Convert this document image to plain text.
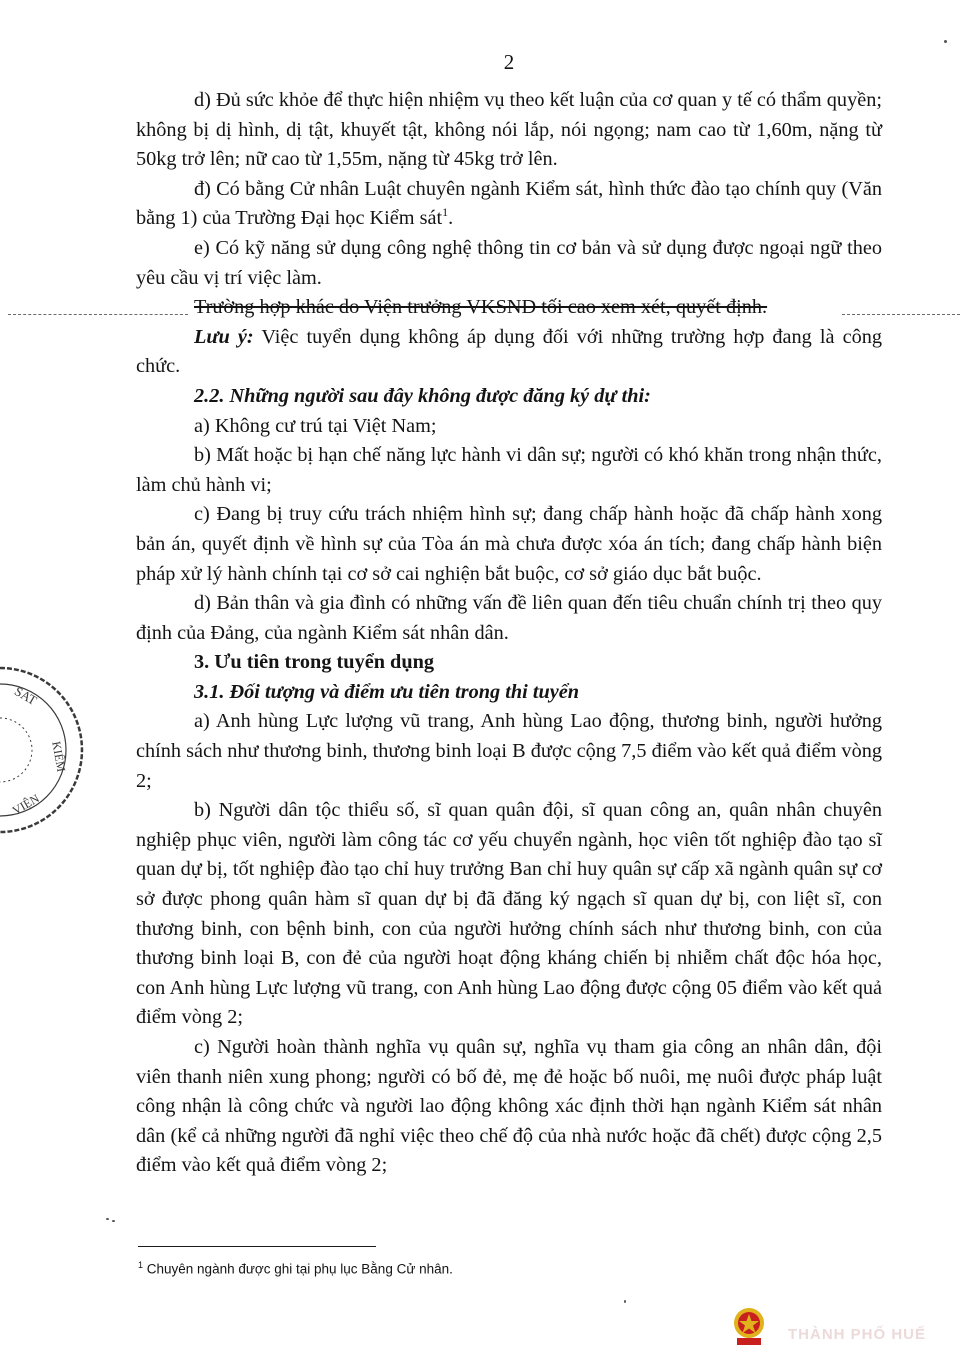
2

d) Đủ sức khỏe để thực hiện nhiệm vụ theo kết luận của cơ quan y tế có thẩm quyền; không bị dị hình, dị tật, khuyết tật, không nói lắp, nói ngọng; nam cao từ 1,60m, nặng từ 50kg trở lên; nữ cao từ 1,55m, nặng từ 45kg trở lên.

đ) Có bằng Cử nhân Luật chuyên ngành Kiểm sát, hình thức đào tạo chính quy (Văn bằng 1) của Trường Đại học Kiểm sát$^1$.

e) Có kỹ năng sử dụng công nghệ thông tin cơ bản và sử dụng được ngoại ngữ theo yêu cầu vị trí việc làm.

Trường hợp khác do Viện trưởng VKSND tối cao xem xét, quyết định.

Lưu ý: Việc tuyển dụng không áp dụng đối với những trường hợp đang là công chức.

2.2. Những người sau đây không được đăng ký dự thi:

a) Không cư trú tại Việt Nam;

b) Mất hoặc bị hạn chế năng lực hành vi dân sự; người có khó khăn trong nhận thức, làm chủ hành vi;

c) Đang bị truy cứu trách nhiệm hình sự; đang chấp hành hoặc đã chấp hành xong bản án, quyết định về hình sự của Tòa án mà chưa được xóa án tích; đang chấp hành biện pháp xử lý hành chính tại cơ sở cai nghiện bắt buộc, cơ sở giáo dục bắt buộc.

d) Bản thân và gia đình có những vấn đề liên quan đến tiêu chuẩn chính trị theo quy định của Đảng, của ngành Kiểm sát nhân dân.

3. Ưu tiên trong tuyển dụng

3.1. Đối tượng và điểm ưu tiên trong thi tuyển

a) Anh hùng Lực lượng vũ trang, Anh hùng Lao động, thương binh, người hưởng chính sách như thương binh, thương binh loại B được cộng 7,5 điểm vào kết quả điểm vòng 2;

b) Người dân tộc thiểu số, sĩ quan quân đội, sĩ quan công an, quân nhân chuyên nghiệp phục viên, người làm công tác cơ yếu chuyển ngành, học viên tốt nghiệp đào tạo sĩ quan dự bị, tốt nghiệp đào tạo chỉ huy trưởng Ban chỉ huy quân sự cấp xã ngành quân sự cơ sở được phong quân hàm sĩ quan dự bị đã đăng ký ngạch sĩ quan dự bị, con liệt sĩ, con thương binh, con bệnh binh, con của người hưởng chính sách như thương binh, con của thương binh loại B, con đẻ của người hoạt động kháng chiến bị nhiễm chất độc hóa học, con Anh hùng Lực lượng vũ trang, con Anh hùng Lao động được cộng 05 điểm vào kết quả điểm vòng 2;

c) Người hoàn thành nghĩa vụ quân sự, nghĩa vụ tham gia công an nhân dân, đội viên thanh niên xung phong; người có bố đẻ, mẹ đẻ hoặc bố nuôi, mẹ nuôi được pháp luật công nhận là công chức và người lao động không xác định thời hạn ngành Kiểm sát nhân dân (kể cả những người đã nghỉ việc theo chế độ của nhà nước hoặc đã chết) được cộng 2,5 điểm vào kết quả điểm vòng 2;

$^1$ Chuyên ngành được ghi tại phụ lục Bằng Cử nhân.
SAT
KIỂM
VIỆN
THÀNH PHỐ HUẾ
